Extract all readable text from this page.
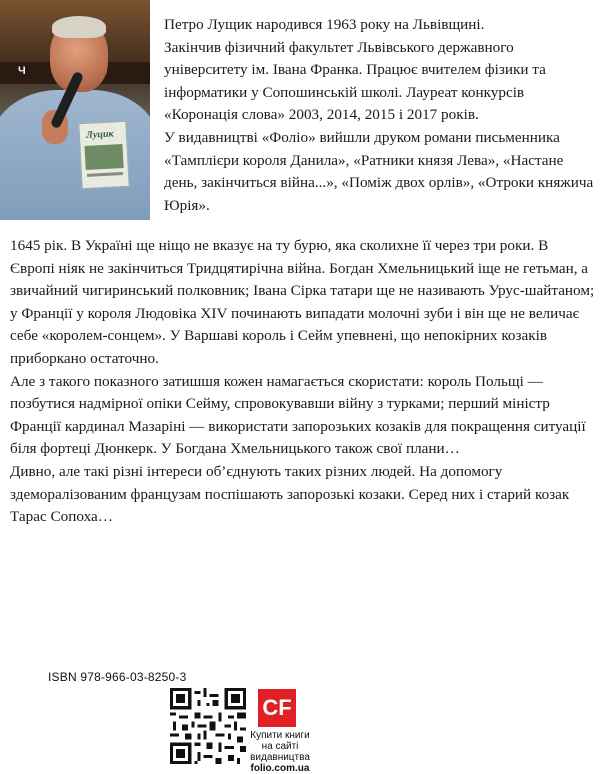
Ч
Луцик

Петро Лущик народився 1963 року на Львівщині.

Закінчив фізичний факультет Львівського державного університету ім. Івана Франка. Працює вчителем фізики та інформатики у Сопошинській школі. Лауреат конкурсів «Коронація слова» 2003, 2014, 2015 і 2017 років.

У видавництві «Фоліо» вийшли друком романи письменника «Тамплієри короля Данила», «Ратники князя Лева», «Настане день, закінчиться війна...», «Поміж двох орлів», «Отроки княжича Юрія».

1645 рік. В Україні ще ніщо не вказує на ту бурю, яка сколихне її через три роки. В Європі ніяк не закінчиться Тридцятирічна війна. Богдан Хмельницький іще не гетьман, а звичайний чигиринський полковник; Івана Сірка татари ще не називають Урус-шайтаном; у Франції у короля Людовіка XIV починають випадати молочні зуби і він ще не величає себе «королем-сонцем». У Варшаві король і Сейм упевнені, що непокірних козаків приборкано остаточно.

Але з такого показного затишшя кожен намагається скористати: король Польщі — позбутися надмірної опіки Сейму, спровокувавши війну з турками; перший міністр Франції кардинал Мазаріні — використати запорозьких козаків для покращення ситуації біля фортеці Дюнкерк. У Богдана Хмельницького також свої плани…

Дивно, але такі різні інтереси об’єднують таких різних людей. На допомогу здеморалізованим французам поспішають запорозькі козаки. Серед них і старий козак Тарас Сопоха…

ISBN 978-966-03-8250-3
CF
Купити книги
на сайті
видавництва
folio.com.ua
